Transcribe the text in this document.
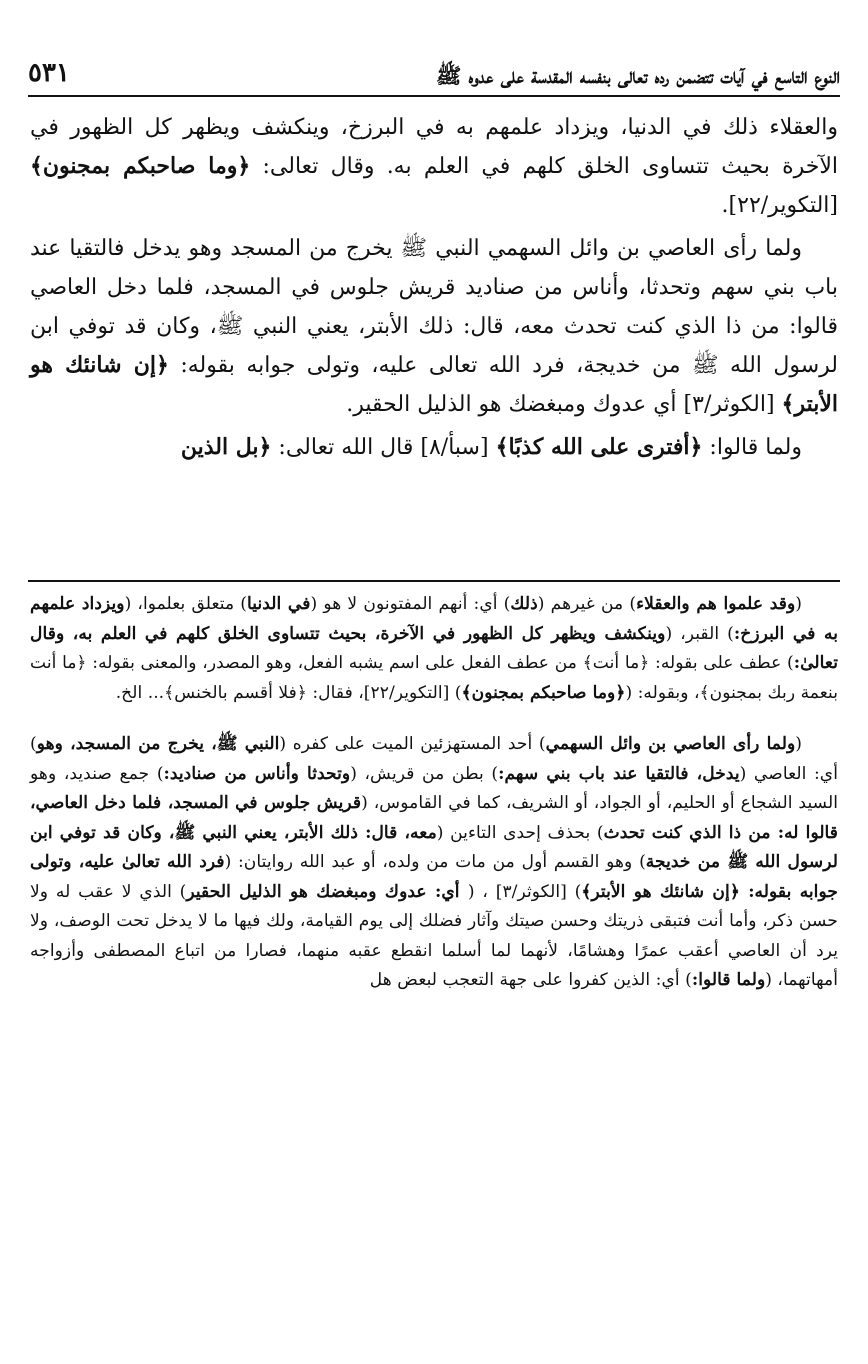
النوع التاسع في آيات تتضمن رده تعالى بنفسه المقدسة على عدوه ﷺ
٥٣١

والعقلاء ذلك في الدنيا، ويزداد علمهم به في البرزخ، وينكشف ويظهر كل الظهور في الآخرة بحيث تتساوى الخلق كلهم في العلم به. وقال تعالى: ﴿وما صاحبكم بمجنون﴾ [التكوير/٢٢].

ولما رأى العاصي بن وائل السهمي النبي ﷺ يخرج من المسجد وهو يدخل فالتقيا عند باب بني سهم وتحدثا، وأناس من صناديد قريش جلوس في المسجد، فلما دخل العاصي قالوا: من ذا الذي كنت تحدث معه، قال: ذلك الأبتر، يعني النبي ﷺ، وكان قد توفي ابن لرسول الله ﷺ من خديجة، فرد الله تعالى عليه، وتولى جوابه بقوله: ﴿إن شانئك هو الأبتر﴾ [الكوثر/٣] أي عدوك ومبغضك هو الذليل الحقير.

ولما قالوا: ﴿أفترى على الله كذبًا﴾ [سبأ/٨] قال الله تعالى: ﴿بل الذين

(وقد علموا هم والعقلاء) من غيرهم (ذلك) أي: أنهم المفتونون لا هو (في الدنيا) متعلق بعلموا، (ويزداد علمهم به في البرزخ:) القبر، (وينكشف ويظهر كل الظهور في الآخرة، بحيث تتساوى الخلق كلهم في العلم به، وقال تعالىٰ:) عطف على بقوله: ﴿ما أنت﴾ من عطف الفعل على اسم يشبه الفعل، وهو المصدر، والمعنى بقوله: ﴿ما أنت بنعمة ربك بمجنون﴾، وبقوله: (﴿وما صاحبكم بمجنون﴾) [التكوير/٢٢]، فقال: ﴿فلا أقسم بالخنس﴾... الخ.

(ولما رأى العاصي بن وائل السهمي) أحد المستهزئين الميت على كفره (النبي ﷺ، يخرج من المسجد، وهو) أي: العاصي (يدخل، فالتقيا عند باب بني سهم:) بطن من قريش، (وتحدثا وأناس من صناديد:) جمع صنديد، وهو السيد الشجاع أو الحليم، أو الجواد، أو الشريف، كما في القاموس، (قريش جلوس في المسجد، فلما دخل العاصي، قالوا له: من ذا الذي كنت تحدث) بحذف إحدى التاءين (معه، قال: ذلك الأبتر، يعني النبي ﷺ، وكان قد توفي ابن لرسول الله ﷺ من خديجة) وهو القسم أول من مات من ولده، أو عبد الله روايتان: (فرد الله تعالىٰ عليه، وتولى جوابه بقوله: ﴿إن شانئك هو الأبتر﴾) [الكوثر/٣] ، ( أي: عدوك ومبغضك هو الذليل الحقير) الذي لا عقب له ولا حسن ذكر، وأما أنت فتبقى ذريتك وحسن صيتك وآثار فضلك إلى يوم القيامة، ولك فيها ما لا يدخل تحت الوصف، ولا يرد أن العاصي أعقب عمرًا وهشامًا، لأنهما لما أسلما انقطع عقبه منهما، فصارا من اتباع المصطفى وأزواجه أمهاتهما، (ولما قالوا:) أي: الذين كفروا على جهة التعجب لبعض هل
